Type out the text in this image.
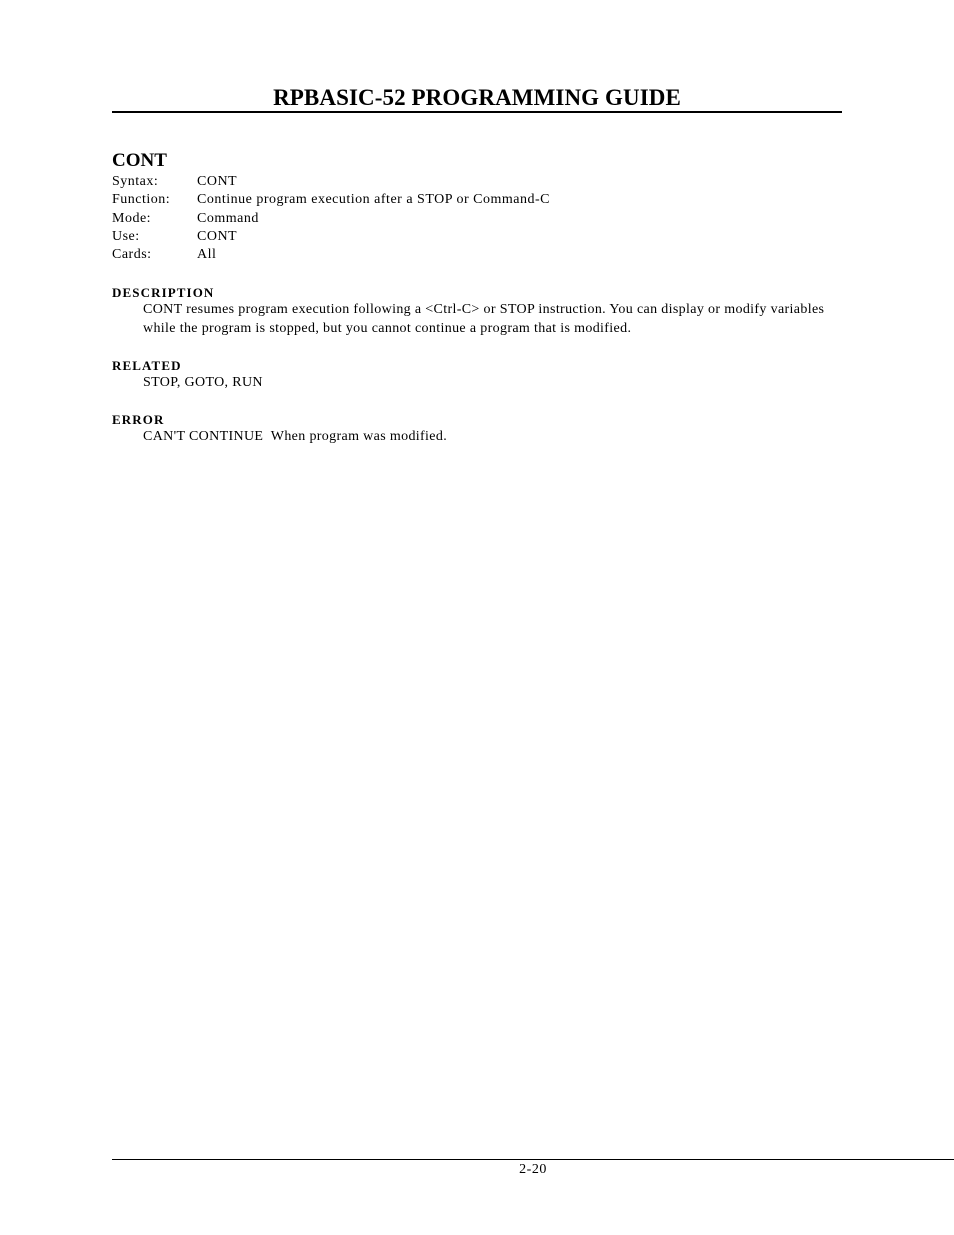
RPBASIC-52 PROGRAMMING GUIDE
CONT
Syntax:	CONT
Function: Continue program execution after a STOP or Command-C
Mode:	Command
Use:	CONT
Cards:	All
DESCRIPTION
CONT resumes program execution following a <Ctrl-C> or STOP instruction. You can display or modify variables while the program is stopped, but you cannot continue a program that is modified.
RELATED
STOP, GOTO, RUN
ERROR
CAN'T CONTINUE  When program was modified.
2-20
